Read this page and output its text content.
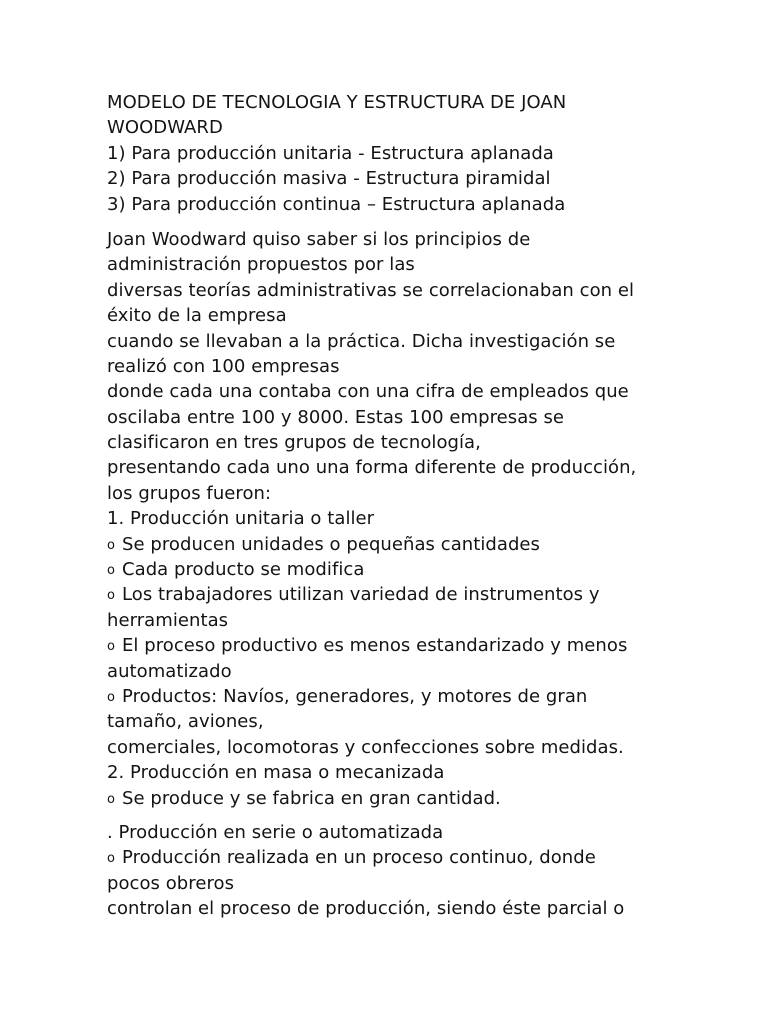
MODELO DE TECNOLOGIA Y ESTRUCTURA DE JOAN
WOODWARD
1) Para producción unitaria - Estructura aplanada
2) Para producción masiva - Estructura piramidal
3) Para producción continua – Estructura aplanada
Joan Woodward quiso saber si los principios de
administración propuestos por las
diversas teorías administrativas se correlacionaban con el
éxito de la empresa
cuando se llevaban a la práctica. Dicha investigación se
realizó con 100 empresas
donde cada una contaba con una cifra de empleados que
oscilaba entre 100 y 8000. Estas 100 empresas se
clasificaron en tres grupos de tecnología,
presentando cada uno una forma diferente de producción,
los grupos fueron:
1. Producción unitaria o taller
o Se producen unidades o pequeñas cantidades
o Cada producto se modifica
o Los trabajadores utilizan variedad de instrumentos y
herramientas
o El proceso productivo es menos estandarizado y menos
automatizado
o Productos: Navíos, generadores, y motores de gran
tamaño, aviones,
comerciales, locomotoras y confecciones sobre medidas.
2. Producción en masa o mecanizada
o Se produce y se fabrica en gran cantidad.
. Producción en serie o automatizada
o Producción realizada en un proceso continuo, donde
pocos obreros
controlan el proceso de producción, siendo éste parcial o
